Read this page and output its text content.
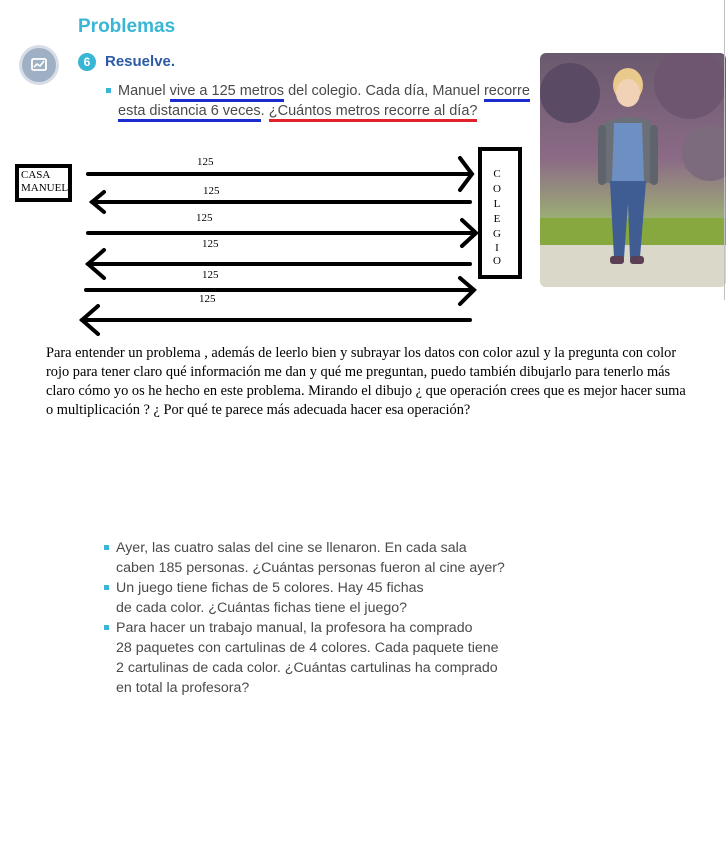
Problemas
6 Resuelve.
Manuel vive a 125 metros del colegio. Cada día, Manuel recorre esta distancia 6 veces. ¿Cuántos metros recorre al día?
CASA
MANUEL
C
O
L
E
G
I
O
125
125
125
125
125
125
Para entender un problema , además de leerlo bien y subrayar los datos con color azul y la pregunta con color rojo para tener claro qué información me dan y qué me preguntan, puedo también dibujarlo para tenerlo más claro cómo yo os he hecho en este problema. Mirando el dibujo ¿ que operación crees que es mejor hacer suma o multiplicación ? ¿ Por qué te parece más adecuada hacer esa operación?
Ayer, las cuatro salas del cine se llenaron. En cada sala
caben 185 personas. ¿Cuántas personas fueron al cine ayer?
Un juego tiene fichas de 5 colores. Hay 45 fichas
de cada color. ¿Cuántas fichas tiene el juego?
Para hacer un trabajo manual, la profesora ha comprado
28 paquetes con cartulinas de 4 colores. Cada paquete tiene
2 cartulinas de cada color. ¿Cuántas cartulinas ha comprado
en total la profesora?
